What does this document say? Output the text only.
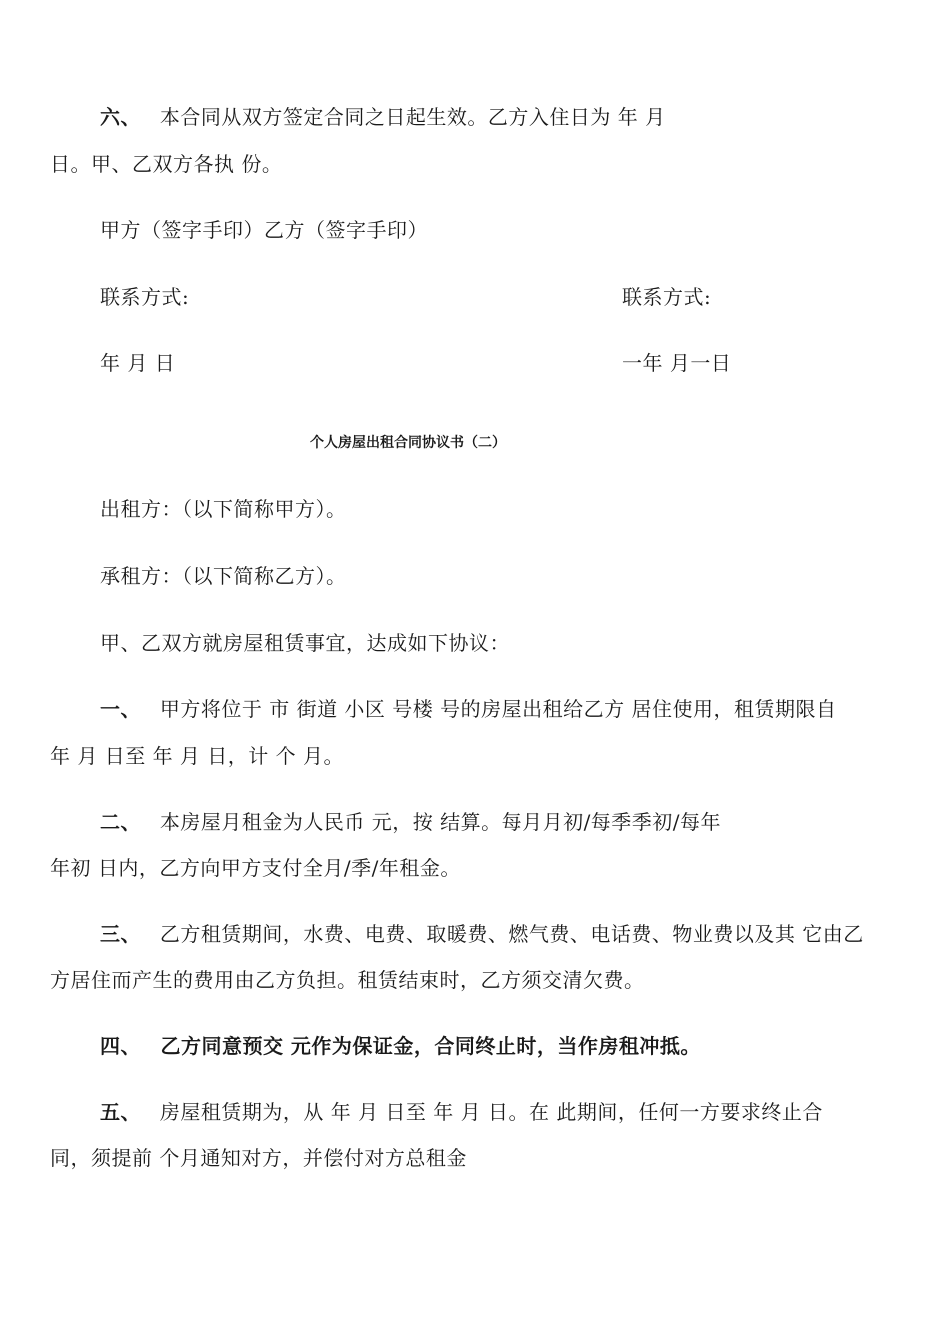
六、 本合同从双方签定合同之日起生效。乙方入住日为 年 月
日。甲、乙双方各执 份。
甲方（签字手印）乙方（签字手印）
联系方式:	联系方式:
年 月 日	一年 月一日
个人房屋出租合同协议书（二）
出租方：（以下简称甲方）。
承租方：（以下简称乙方）。
甲、乙双方就房屋租赁事宜，达成如下协议：
一、 甲方将位于 市 街道 小区 号楼 号的房屋出租给乙方 居住使用，租赁期限自
年 月 日至 年 月 日，计 个 月。
二、 本房屋月租金为人民币 元，按 结算。每月月初/每季季初/每年
年初 日内，乙方向甲方支付全月/季/年租金。
三、 乙方租赁期间，水费、电费、取暖费、燃气费、电话费、物业费以及其 它由乙
方居住而产生的费用由乙方负担。租赁结束时，乙方须交清欠费。
四、 乙方同意预交 元作为保证金，合同终止时，当作房租冲抵。
五、 房屋租赁期为，从 年 月 日至 年 月 日。在 此期间，任何一方要求终止合
同，须提前 个月通知对方，并偿付对方总租金
